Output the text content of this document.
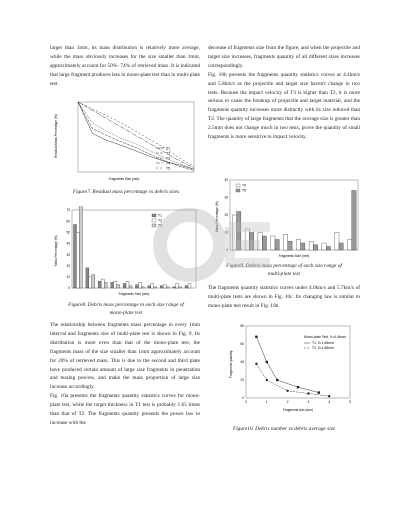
larger than 1mm, its mass distribution is relatively more average, while the mass obviously increases for the size smaller than 1mm, approximately account for 50%- 74% of retrieved mass. It is indicated that large fragment produces less in mono-plate test than in multi-plate test.

T1
T2
T3
T4
T5
Residual Mass Percentage (%)
Fragments Size (mm)
Figure7. Residual mass percentage vs debris sizes
70
60
50
40
30
20
10
0
T1
T2
T3
Mass Percentage (%)
Fragments Size (mm)
Figure8. Debris mass percentage in each size range of
mono-plate test

The relationship between fragments mass percentage in every 1mm interval and fragments size of multi-plate test is shown in Fig. 9. Its distribution is more even than that of the mono-plate test, the fragments mass of the size smaller than 1mm approximately account for 20% of retrieved mass. This is due to the second and third plate have produced certain amount of large size fragments in penetration and tearing process, and make the mass proportion of large size increase accordingly.

Fig. 10a presents the fragments quantity statistics curves for mono-plate test, while the target thickness in T1 test is probably 1.65 times than that of T2. The fragments quantity presents the power law to increase with the

decrease of fragments size from the figure, and when the projectile and target size increases, fragments quantity of all different sizes increases correspondingly.

Fig. 10b presents the fragments quantity statistics curves at 4.4km/s and 5.8km/s as the projectile and target size haven't change in two tests. Because the impact velocity of T3 is higher than T2, it is more serious to cause the breakup of projectile and target material, and the fragments quantity increases more distinctly with its size reduced than T2. The quantity of large fragments that the average size is greater than 2.5mm does not change much in two tests, prove the quantity of small fragments is more sensitive to impact velocity.

40
30
20
10
0
T4
T5
Mass Percentage (%)
Fragments Size (mm)
Figure9. Debris mass percentage of each size range of
multi-plate test

The fragments quantity statistics curves under 4.0km/s and 5.7km/s of multi-plate tests are shown in Fig. 10c. Its changing law is similar to mono-plate test result in Fig. 10b.

80
60
40
20
0
0	1	2	3	4	5
Mono-plate Test, V=4.4km/s
T1, δ=1.65mm
T2, δ=1.65mm
Fragments quantity
Fragments size (mm)
Figure10. Debris number vs debris average size
